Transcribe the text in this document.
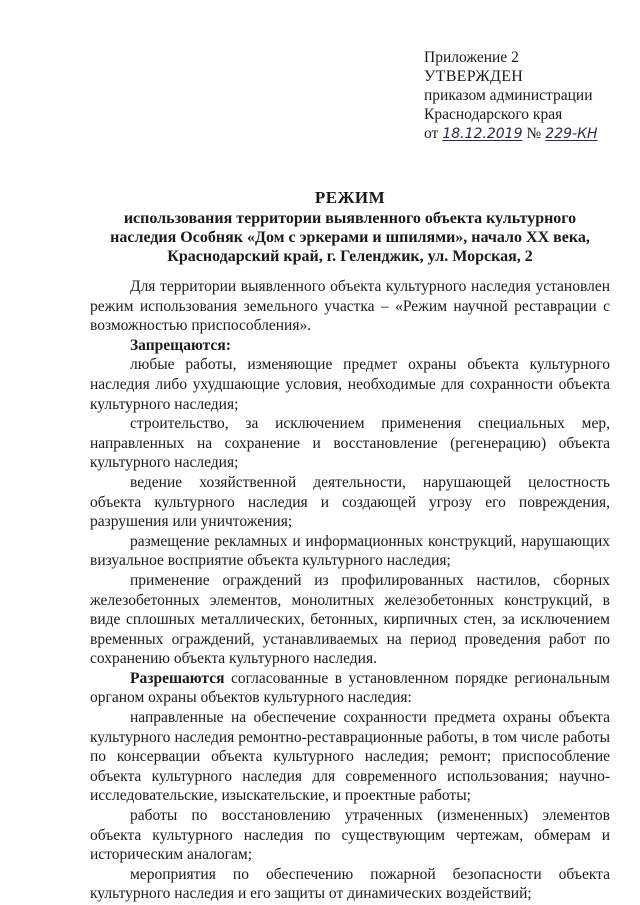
Приложение 2

УТВЕРЖДЕН

приказом администрации

Краснодарского края

от 18.12.2019 № 229-КН

РЕЖИМ

использования территории выявленного объекта культурного

наследия Особняк «Дом с эркерами и шпилями», начало XX века,

Краснодарский край, г. Геленджик, ул. Морская, 2

Для территории выявленного объекта культурного наследия установлен режим использования земельного участка – «Режим научной реставрации с возможностью приспособления».

Запрещаются:

любые работы, изменяющие предмет охраны объекта культурного наследия либо ухудшающие условия, необходимые для сохранности объекта культурного наследия;

строительство, за исключением применения специальных мер, направленных на сохранение и восстановление (регенерацию) объекта культурного наследия;

ведение хозяйственной деятельности, нарушающей целостность объекта культурного наследия и создающей угрозу его повреждения, разрушения или уничтожения;

размещение рекламных и информационных конструкций, нарушающих визуальное восприятие объекта культурного наследия;

применение ограждений из профилированных настилов, сборных железобетонных элементов, монолитных железобетонных конструкций, в виде сплошных металлических, бетонных, кирпичных стен, за исключением временных ограждений, устанавливаемых на период проведения работ по сохранению объекта культурного наследия.

Разрешаются согласованные в установленном порядке региональным органом охраны объектов культурного наследия:

направленные на обеспечение сохранности предмета охраны объекта культурного наследия ремонтно-реставрационные работы, в том числе работы по консервации объекта культурного наследия; ремонт; приспособление объекта культурного наследия для современного использования; научно-исследовательские, изыскательские, и проектные работы;

работы по восстановлению утраченных (измененных) элементов объекта культурного наследия по существующим чертежам, обмерам и историческим аналогам;

мероприятия по обеспечению пожарной безопасности объекта культурного наследия и его защиты от динамических воздействий;
